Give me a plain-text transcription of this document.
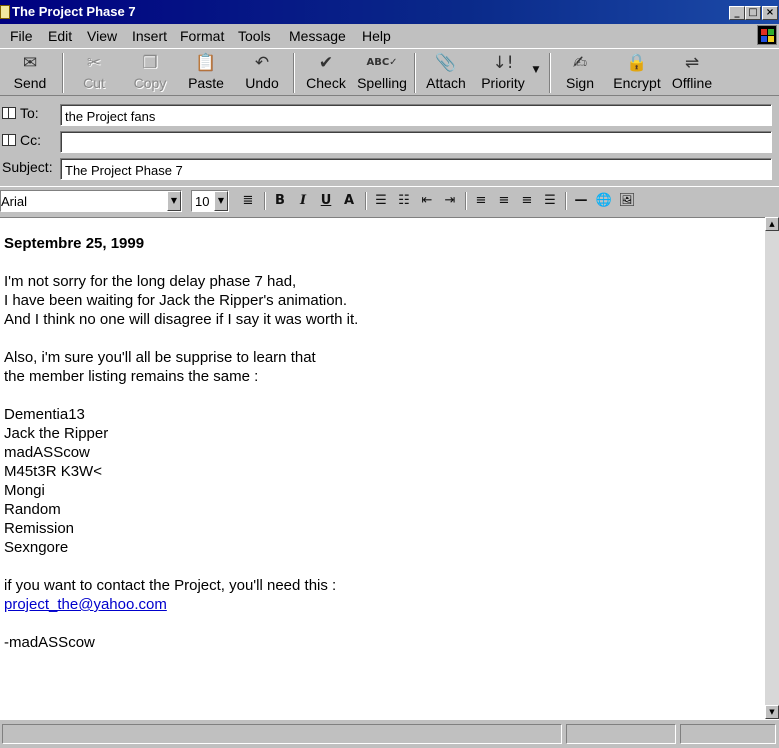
The Project Phase 7	_ □ ×
File Edit View Insert Format Tools Message Help
✉
Send
✂
Cut
❐
Copy
📋
Paste
↶
Undo
✔
Check
ABC✓
Spelling
📎
Attach
↓!
Priority
▼	✍
Sign
🔒
Encrypt
⇌
Offline
To:	the Project fans
Cc:
Subject: The Project Phase 7
Arial	▼	10	▼	≣	B	I	U A	☰ ☷ ⇤ ⇥	≡ ≡ ≡ ☰	— 🌐 🖼
Septembre 25, 1999
I'm not sorry for the long delay phase 7 had,
I have been waiting for Jack the Ripper's animation.
And I think no one will disagree if I say it was worth it.
Also, i'm sure you'll all be supprise to learn that
the member listing remains the same :
Dementia13
Jack the Ripper
madASScow
M45t3R K3W<
Mongi
Random
Remission
Sexngore
if you want to contact the Project, you'll need this :
project_the@yahoo.com
-madASScow
▲
▼
